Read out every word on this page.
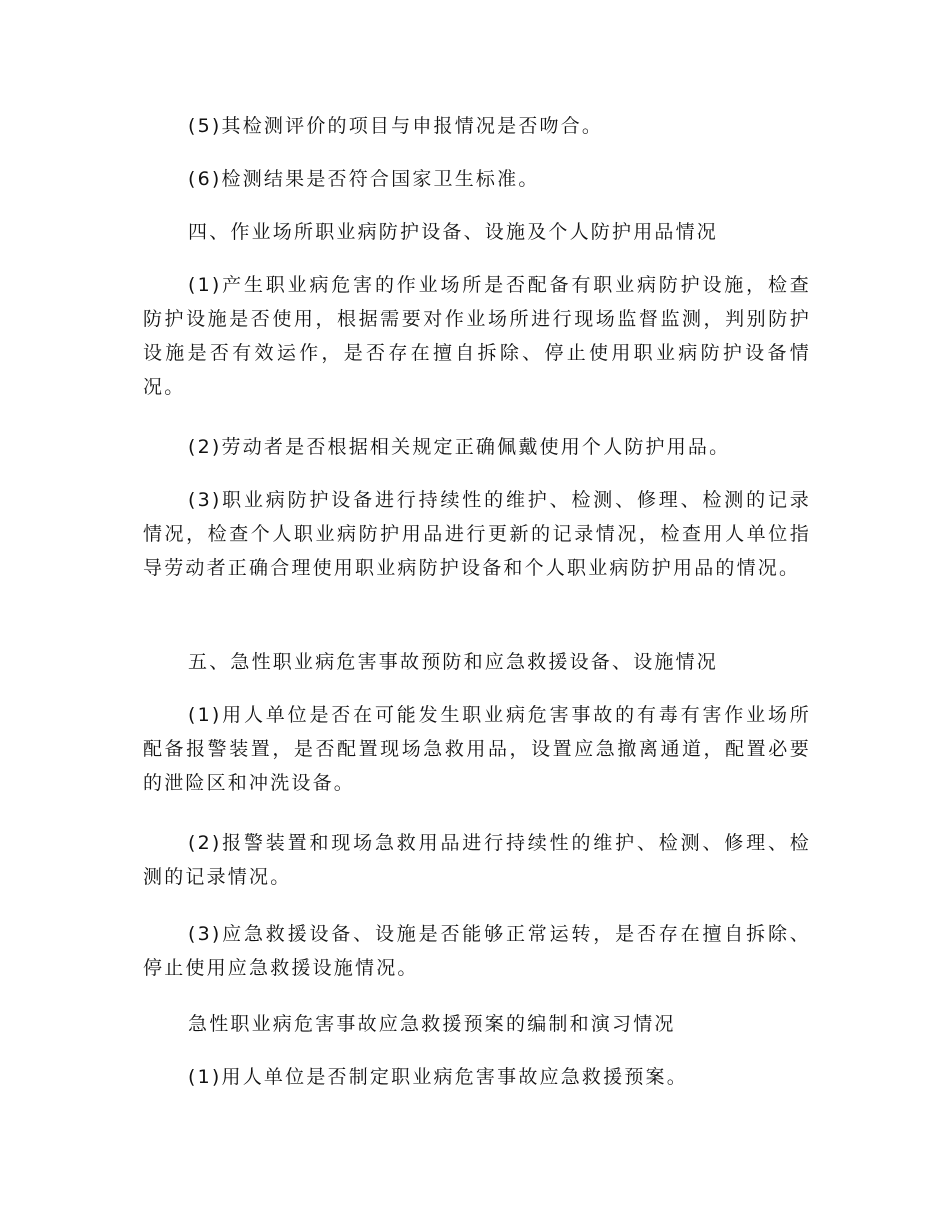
(5)其检测评价的项目与申报情况是否吻合。

(6)检测结果是否符合国家卫生标准。

四、作业场所职业病防护设备、设施及个人防护用品情况

(1)产生职业病危害的作业场所是否配备有职业病防护设施，检查防护设施是否使用，根据需要对作业场所进行现场监督监测，判别防护设施是否有效运作，是否存在擅自拆除、停止使用职业病防护设备情况。

(2)劳动者是否根据相关规定正确佩戴使用个人防护用品。

(3)职业病防护设备进行持续性的维护、检测、修理、检测的记录情况，检查个人职业病防护用品进行更新的记录情况，检查用人单位指导劳动者正确合理使用职业病防护设备和个人职业病防护用品的情况。

五、急性职业病危害事故预防和应急救援设备、设施情况

(1)用人单位是否在可能发生职业病危害事故的有毒有害作业场所配备报警装置，是否配置现场急救用品，设置应急撤离通道，配置必要的泄险区和冲洗设备。

(2)报警装置和现场急救用品进行持续性的维护、检测、修理、检测的记录情况。

(3)应急救援设备、设施是否能够正常运转，是否存在擅自拆除、停止使用应急救援设施情况。

急性职业病危害事故应急救援预案的编制和演习情况

(1)用人单位是否制定职业病危害事故应急救援预案。
